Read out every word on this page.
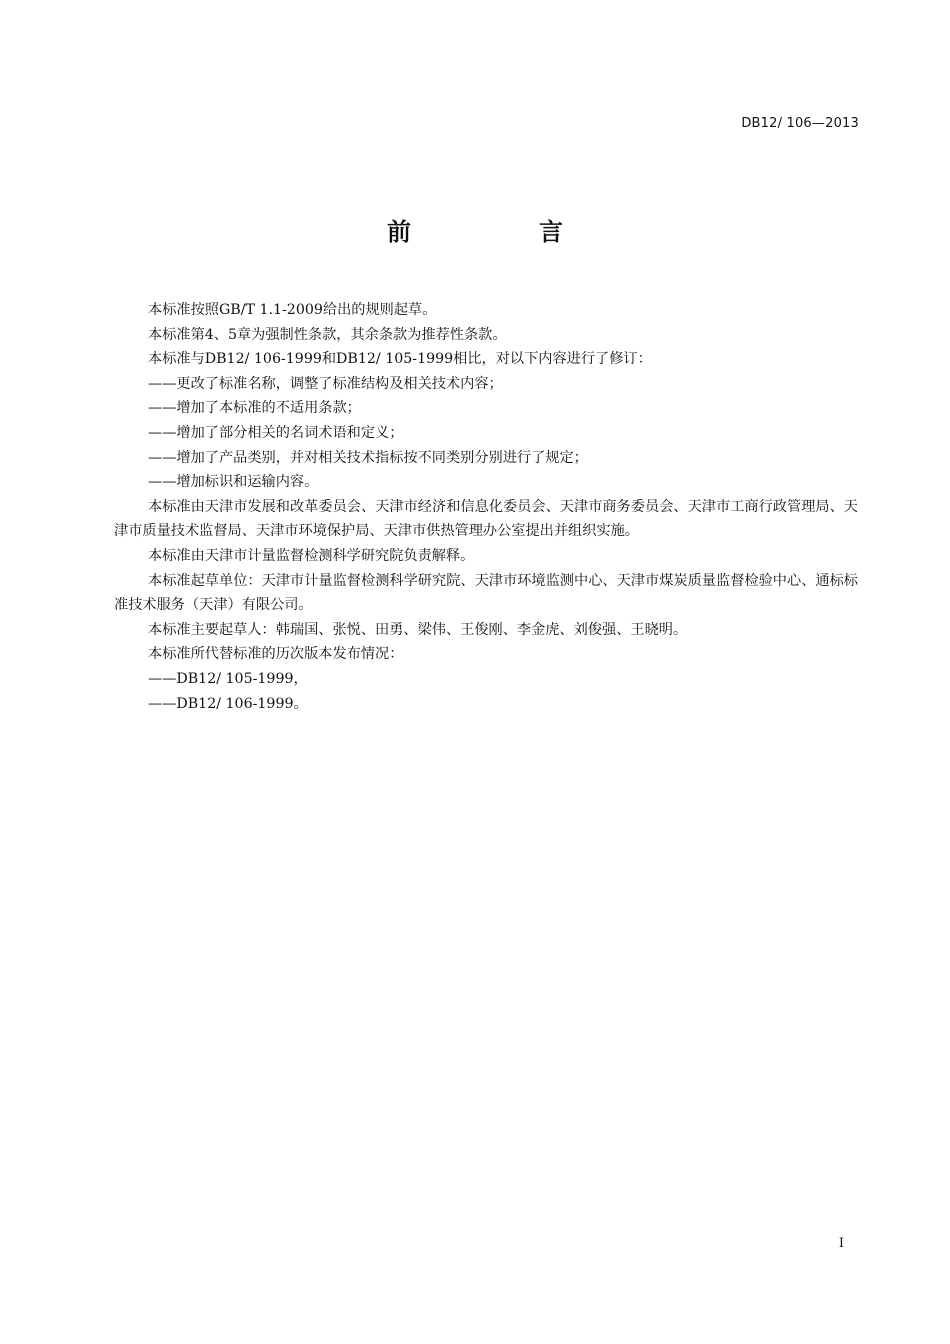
DB12/ 106—2013
前　言

本标准按照GB/T 1.1-2009给出的规则起草。

本标准第4、5章为强制性条款，其余条款为推荐性条款。

本标准与DB12/ 106-1999和DB12/ 105-1999相比，对以下内容进行了修订：

——更改了标准名称，调整了标准结构及相关技术内容；

——增加了本标准的不适用条款；

——增加了部分相关的名词术语和定义；

——增加了产品类别，并对相关技术指标按不同类别分别进行了规定；

——增加标识和运输内容。

本标准由天津市发展和改革委员会、天津市经济和信息化委员会、天津市商务委员会、天津市工商行政管理局、天津市质量技术监督局、天津市环境保护局、天津市供热管理办公室提出并组织实施。

本标准由天津市计量监督检测科学研究院负责解释。

本标准起草单位：天津市计量监督检测科学研究院、天津市环境监测中心、天津市煤炭质量监督检验中心、通标标准技术服务（天津）有限公司。

本标准主要起草人：韩瑞国、张悦、田勇、梁伟、王俊刚、李金虎、刘俊强、王晓明。

本标准所代替标准的历次版本发布情况：

——DB12/ 105-1999，

——DB12/ 106-1999。

I
